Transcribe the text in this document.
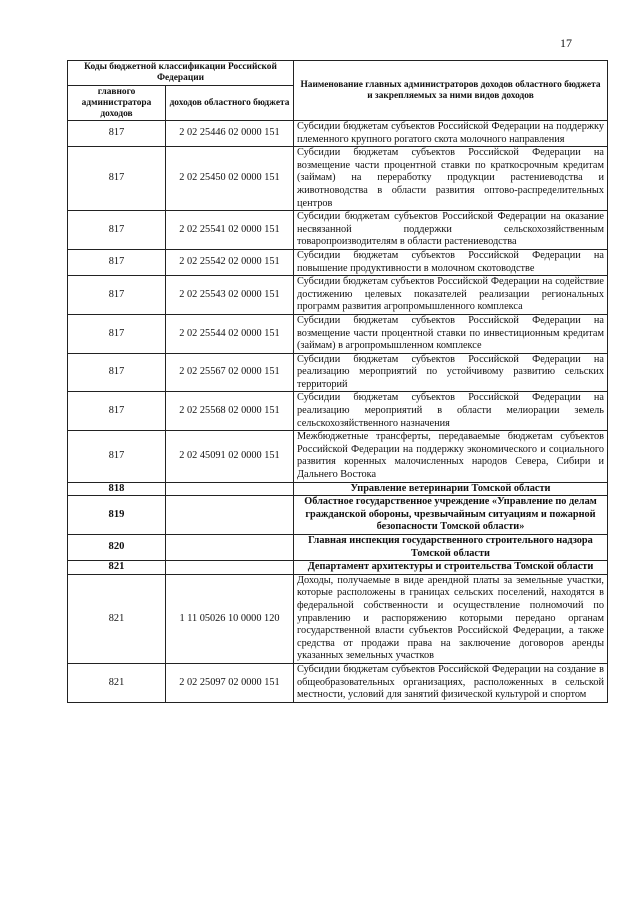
17
Коды бюджетной классификации Российской Федерации		Наименование главных администраторов доходов областного бюджета и закрепляемых за ними видов доходов
главного администратора доходов	доходов областного бюджета	
817	2 02 25446 02 0000 151	Субсидии бюджетам субъектов Российской Федерации на поддержку племенного крупного рогатого скота молочного направления
817	2 02 25450 02 0000 151	Субсидии бюджетам субъектов Российской Федерации на возмещение части процентной ставки по краткосрочным кредитам (займам) на переработку продукции растениеводства и животноводства в области развития оптово-распределительных центров
817	2 02 25541 02 0000 151	Субсидии бюджетам субъектов Российской Федерации на оказание несвязанной поддержки сельскохозяйственным товаропроизводителям в области растениеводства
817	2 02 25542 02 0000 151	Субсидии бюджетам субъектов Российской Федерации на повышение продуктивности в молочном скотоводстве
817	2 02 25543 02 0000 151	Субсидии бюджетам субъектов Российской Федерации на содействие достижению целевых показателей реализации региональных программ развития агропромышленного комплекса
817	2 02 25544 02 0000 151	Субсидии бюджетам субъектов Российской Федерации на возмещение части процентной ставки по инвестиционным кредитам (займам) в агропромышленном комплексе
817	2 02 25567 02 0000 151	Субсидии бюджетам субъектов Российской Федерации на реализацию мероприятий по устойчивому развитию сельских территорий
817	2 02 25568 02 0000 151	Субсидии бюджетам субъектов Российской Федерации на реализацию мероприятий в области мелиорации земель сельскохозяйственного назначения
817	2 02 45091 02 0000 151	Межбюджетные трансферты, передаваемые бюджетам субъектов Российской Федерации на поддержку экономического и социального развития коренных малочисленных народов Севера, Сибири и Дальнего Востока
818		Управление ветеринарии Томской области
819		Областное государственное учреждение «Управление по делам гражданской обороны, чрезвычайным ситуациям и пожарной безопасности Томской области»
820		Главная инспекция государственного строительного надзора Томской области
821		Департамент архитектуры и строительства Томской области
821	1 11 05026 10 0000 120	Доходы, получаемые в виде арендной платы за земельные участки, которые расположены в границах сельских поселений, находятся в федеральной собственности и осуществление полномочий по управлению и распоряжению которыми передано органам государственной власти субъектов Российской Федерации, а также средства от продажи права на заключение договоров аренды указанных земельных участков
821	2 02 25097 02 0000 151	Субсидии бюджетам субъектов Российской Федерации на создание в общеобразовательных организациях, расположенных в сельской местности, условий для занятий физической культурой и спортом
